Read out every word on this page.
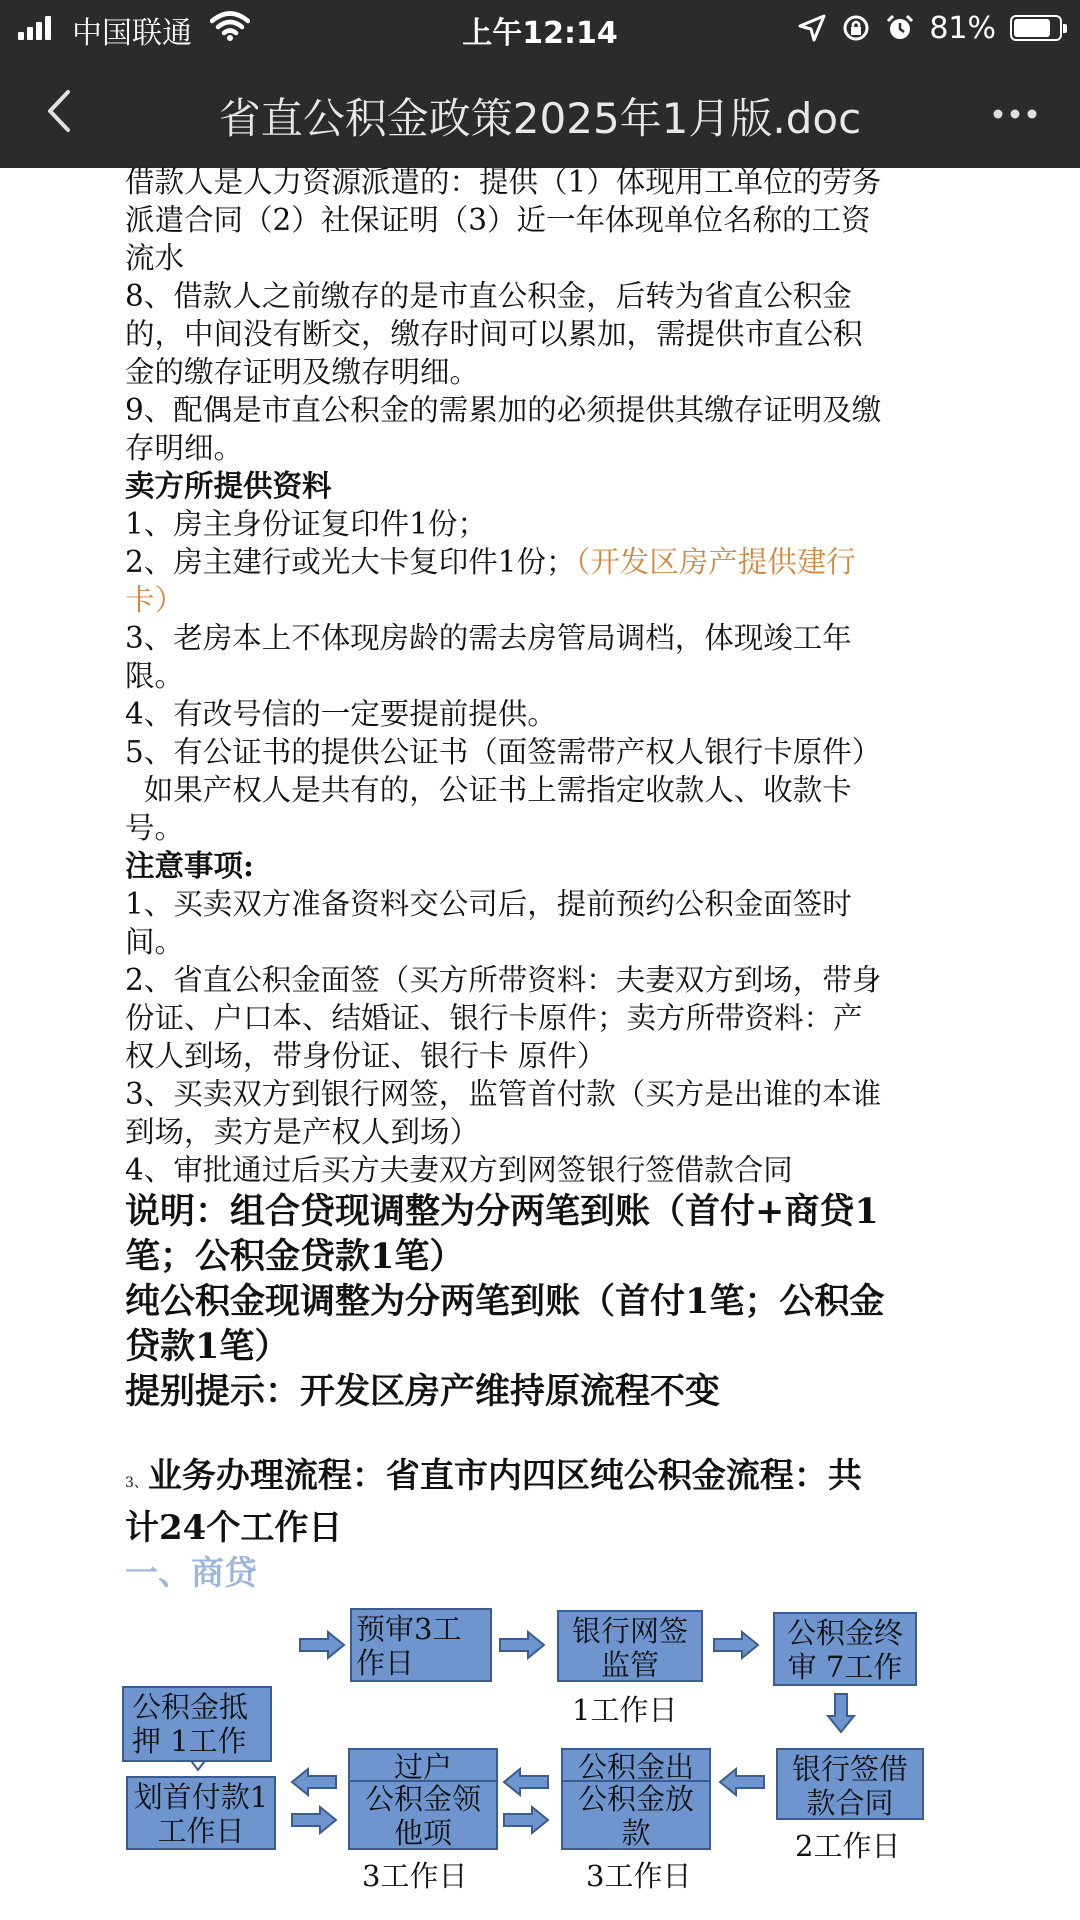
中国联通	上午12:14	81%
省直公积金政策2025年1月版.doc

借款人是人力资源派遣的：提供（1）体现用工单位的劳务

派遣合同（2）社保证明（3）近一年体现单位名称的工资

流水

8、借款人之前缴存的是市直公积金，后转为省直公积金

的，中间没有断交，缴存时间可以累加，需提供市直公积

金的缴存证明及缴存明细。

9、配偶是市直公积金的需累加的必须提供其缴存证明及缴

存明细。

卖方所提供资料

1、房主身份证复印件1份；

2、房主建行或光大卡复印件1份；（开发区房产提供建行

卡）

3、老房本上不体现房龄的需去房管局调档，体现竣工年

限。

4、有改号信的一定要提前提供。

5、有公证书的提供公证书（面签需带产权人银行卡原件）

如果产权人是共有的，公证书上需指定收款人、收款卡

号。

注意事项:

1、买卖双方准备资料交公司后，提前预约公积金面签时

间。

2、省直公积金面签（买方所带资料：夫妻双方到场，带身

份证、户口本、结婚证、银行卡原件；卖方所带资料：产

权人到场，带身份证、银行卡 原件）

3、买卖双方到银行网签，监管首付款（买方是出谁的本谁

到场，卖方是产权人到场）

4、审批通过后买方夫妻双方到网签银行签借款合同

说明：组合贷现调整为分两笔到账（首付+商贷1

笔；公积金贷款1笔）

纯公积金现调整为分两笔到账（首付1笔；公积金

贷款1笔）

提别提示：开发区房产维持原流程不变

3、业务办理流程：省直市内四区纯公积金流程：共

计24个工作日

一、商贷

预审3工作日
银行网签监管
1工作日
公积金终审 7工作
公积金抵押 1工作
划首付款1工作日
过户
公积金领他项
3工作日
公积金出
公积金放款
3工作日
银行签借款合同
2工作日
